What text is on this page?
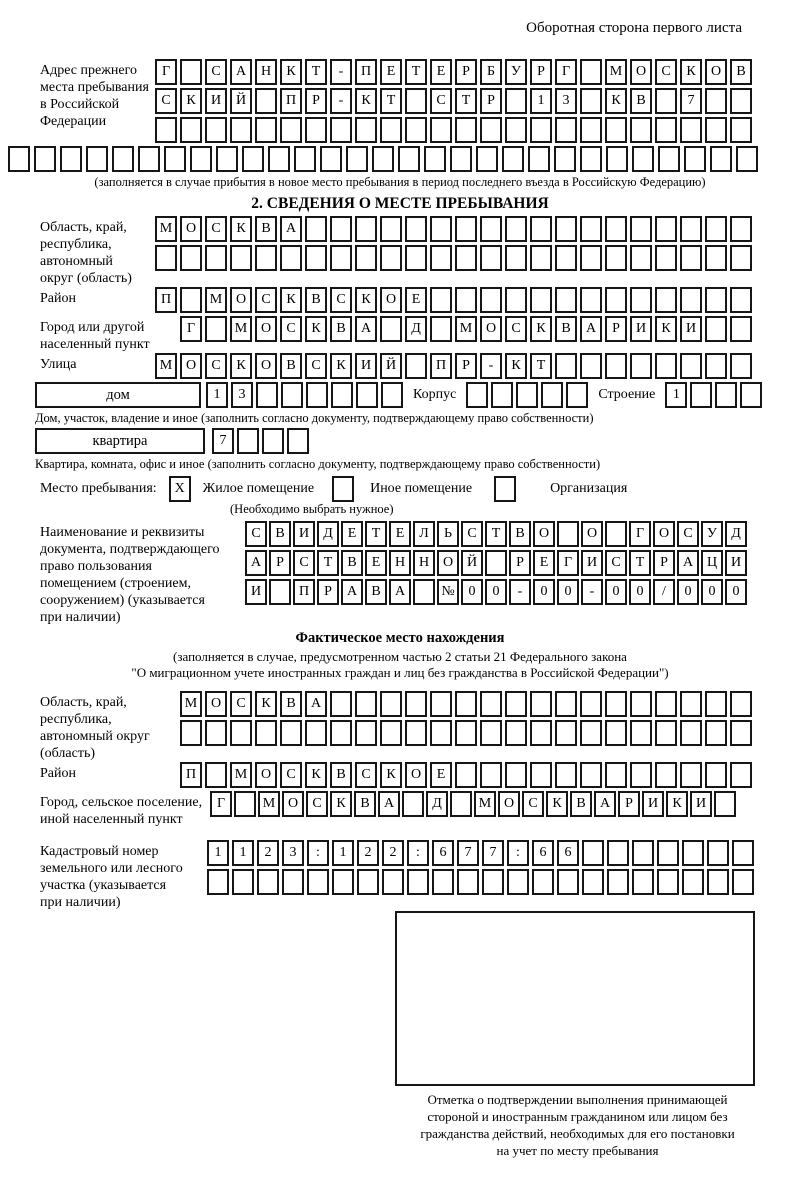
Оборотная сторона первого листа
Адрес прежнего
места пребывания
в Российской
Федерации
Г	С	А	Н	К	Т	-	П	Е	Т	Е	Р	Б	У	Р	Г	М О	С	К	О	В
С	К	И	Й	П	Р	-	К	Т	С	Т	Р	1	3	К	В	7
(заполняется в случае прибытия в новое место пребывания в период последнего въезда в Российскую Федерацию)
2. СВЕДЕНИЯ О МЕСТЕ ПРЕБЫВАНИЯ
Область, край,
республика,
автономный
округ (область)
М О	С	К	В	А
Район	П	М О	С	К	В	С	К	О	Е
Город или другой
населенный пункт
Г	М О	С	К	В	А	Д	М О	С	К	В	А	Р	И	К	И
Улица	М О	С	К	О	В	С	К	И	Й	П	Р	-	К	Т
дом	1	3	Корпус	Строение	1
Дом, участок, владение и иное (заполнить согласно документу, подтверждающему право собственности)
квартира	7
Квартира, комната, офис и иное (заполнить согласно документу, подтверждающему право собственности)
Место пребывания:	X	Жилое помещение	Иное помещение	Организация
(Необходимо выбрать нужное)
Наименование и реквизиты
документа, подтверждающего
право пользования
помещением (строением,
сооружением) (указывается
при наличии)
С	В	И	Д	Е	Т	Е	Л	Ь	С	Т	В	О	О	Г	О	С	У	Д
А	Р	С	Т	В	Е	Н Н О Й	Р	Е	Г	И	С	Т	Р	А Ц И
И	П	Р	А	В	А	№ 0	0	-	0	0	-	0	0	/	0	0	0
Фактическое место нахождения
(заполняется в случае, предусмотренном частью 2 статьи 21 Федерального закона
"О миграционном учете иностранных граждан и лиц без гражданства в Российской Федерации")
Область, край,
республика,
автономный округ
(область)
М О	С	К	В	А
Район	П	М О	С	К	В	С	К	О	Е
Город, сельское поселение,
иной населенный пункт
Г	М О	С	К	В	А	Д	М О	С	К	В	А	Р	И	К	И
Кадастровый номер
земельного или лесного
участка (указывается
при наличии)
1	1	2	3	:	1	2	2	:	6	7	7	:	6	6
Отметка о подтверждении выполнения принимающей
стороной и иностранным гражданином или лицом без
гражданства действий, необходимых для его постановки
на учет по месту пребывания
